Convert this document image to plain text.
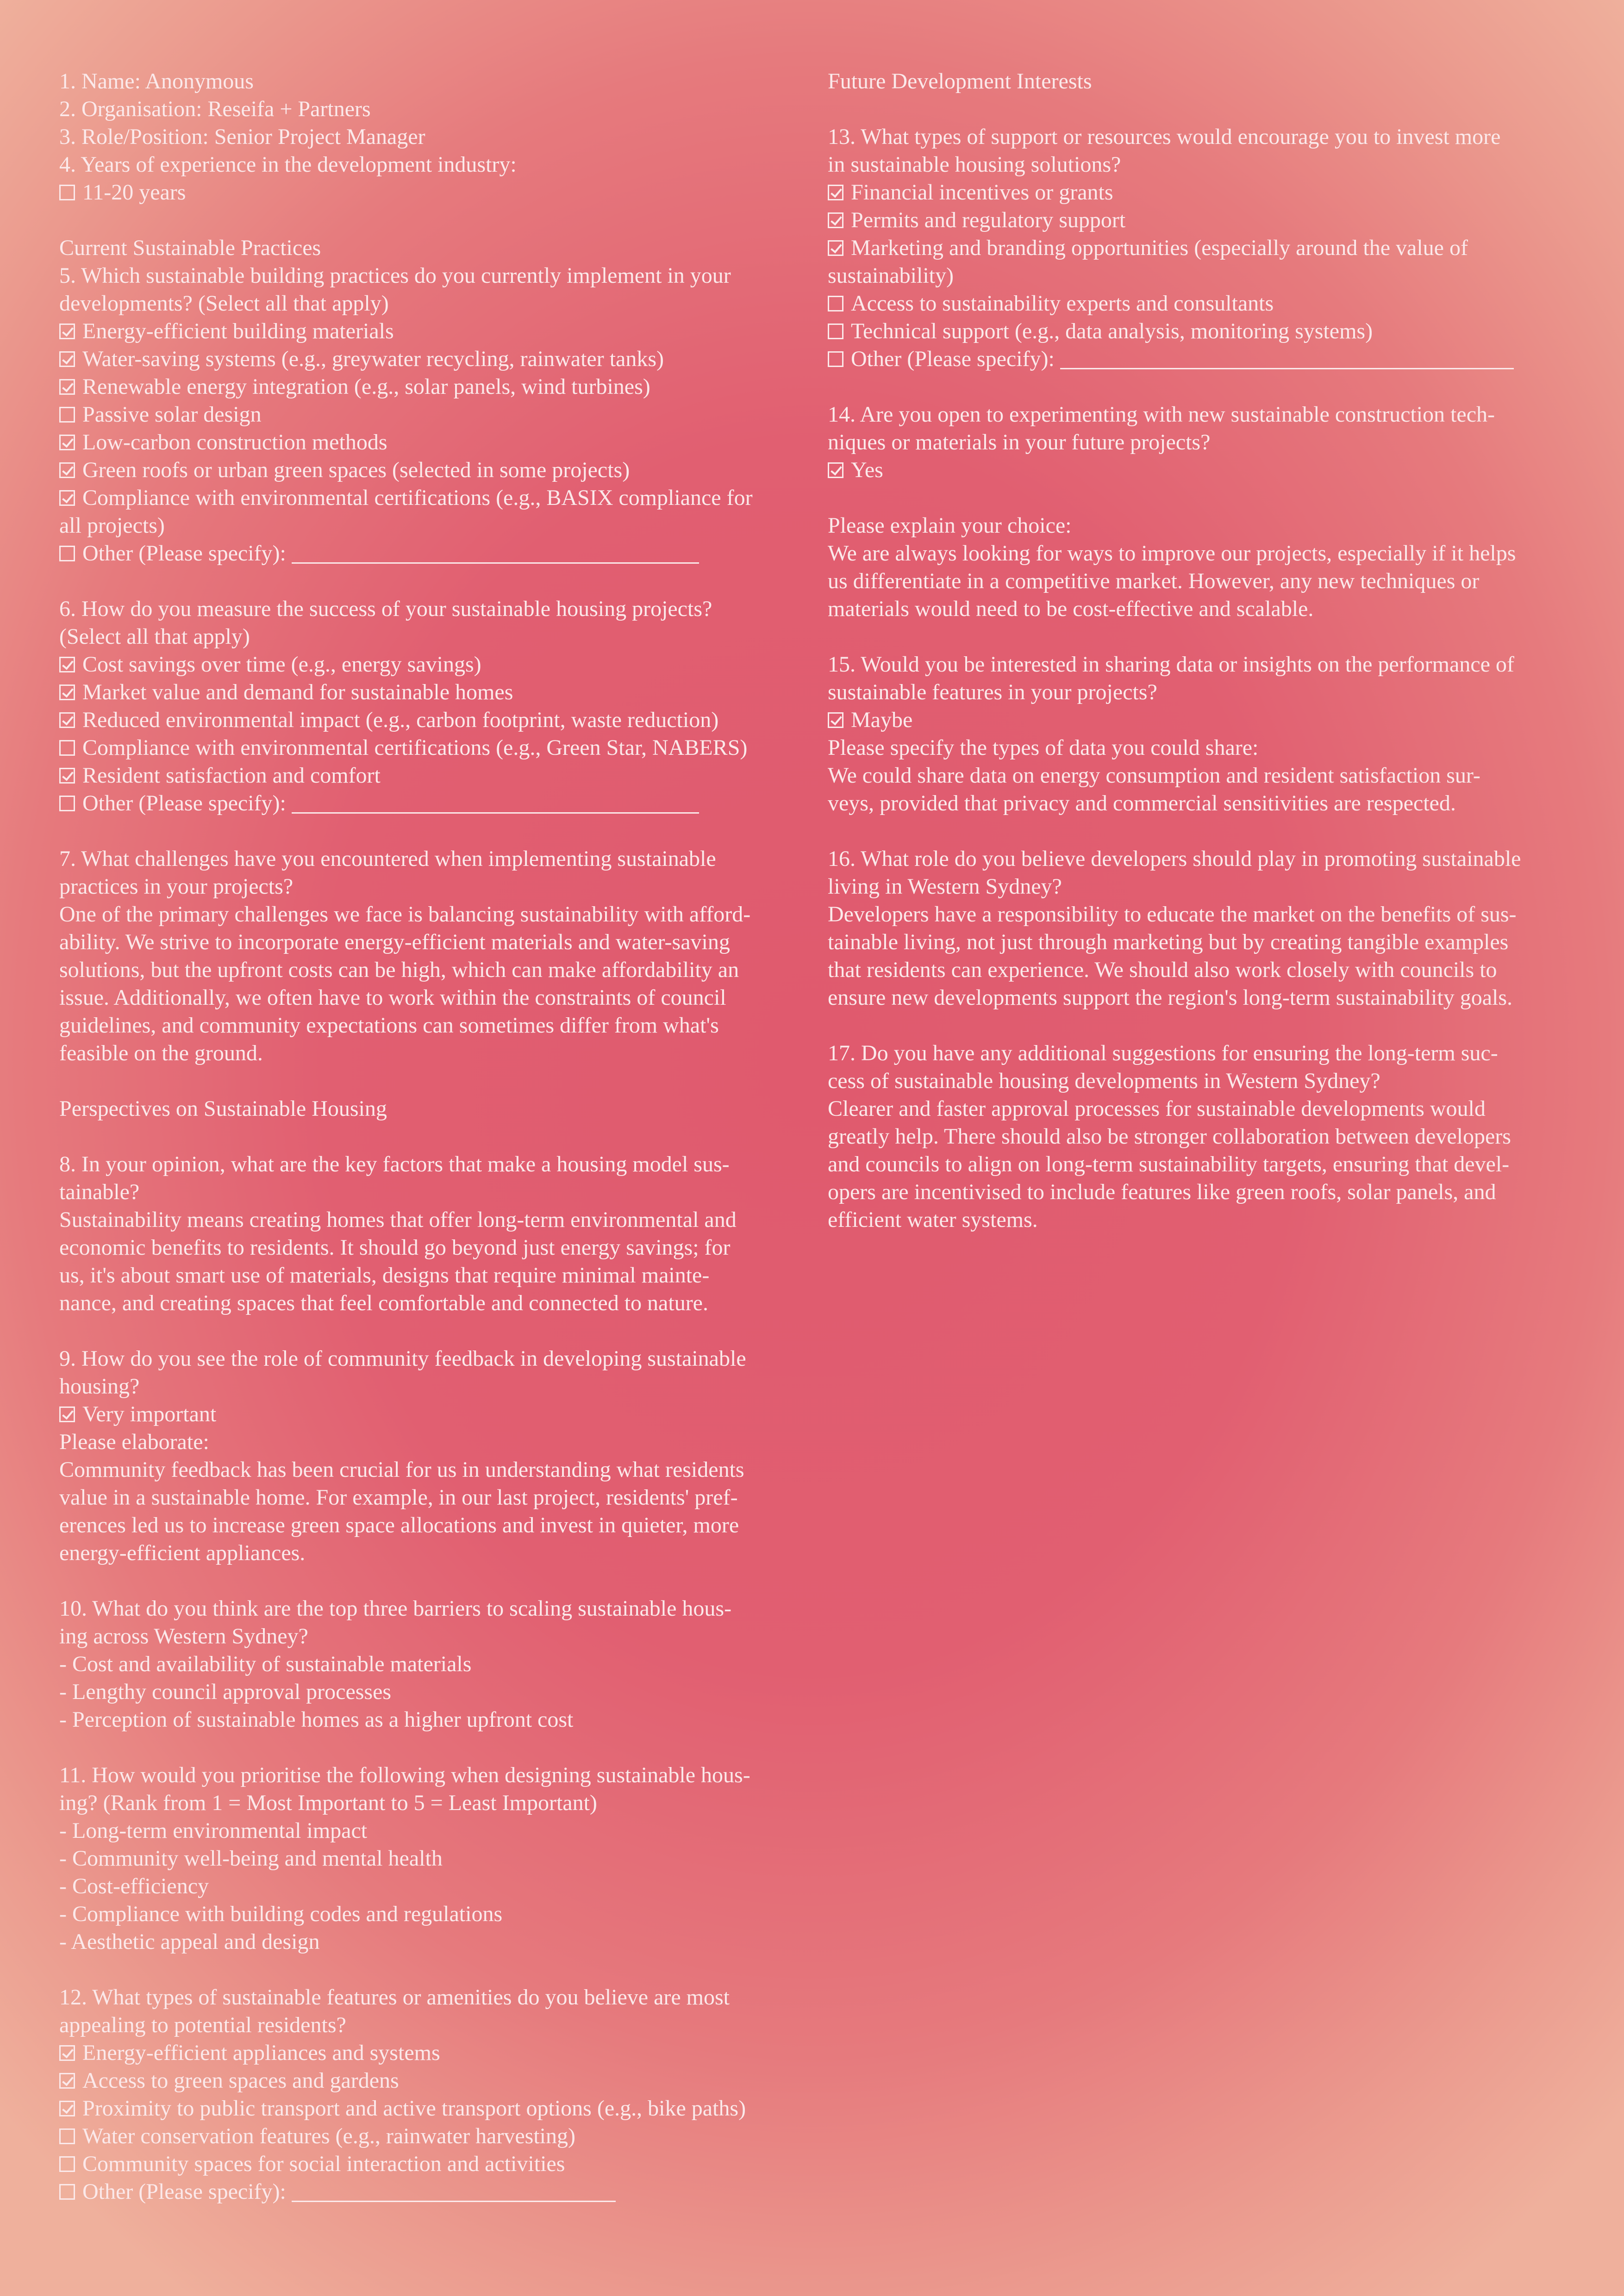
1. Name: Anonymous
2. Organisation: Reseifa + Partners
3. Role/Position: Senior Project Manager
4. Years of experience in the development industry:
11-20 years
Current Sustainable Practices
5. Which sustainable building practices do you currently implement in your
developments? (Select all that apply)
Energy-efficient building materials
Water-saving systems (e.g., greywater recycling, rainwater tanks)
Renewable energy integration (e.g., solar panels, wind turbines)
Passive solar design
Low-carbon construction methods
Green roofs or urban green spaces (selected in some projects)
Compliance with environmental certifications (e.g., BASIX compliance for
all projects)
Other (Please specify):
6. How do you measure the success of your sustainable housing projects?
(Select all that apply)
Cost savings over time (e.g., energy savings)
Market value and demand for sustainable homes
Reduced environmental impact (e.g., carbon footprint, waste reduction)
Compliance with environmental certifications (e.g., Green Star, NABERS)
Resident satisfaction and comfort
Other (Please specify):
7. What challenges have you encountered when implementing sustainable
practices in your projects?
One of the primary challenges we face is balancing sustainability with afford-
ability. We strive to incorporate energy-efficient materials and water-saving
solutions, but the upfront costs can be high, which can make affordability an
issue. Additionally, we often have to work within the constraints of council
guidelines, and community expectations can sometimes differ from what's
feasible on the ground.
Perspectives on Sustainable Housing
8. In your opinion, what are the key factors that make a housing model sus-
tainable?
Sustainability means creating homes that offer long-term environmental and
economic benefits to residents. It should go beyond just energy savings; for
us, it's about smart use of materials, designs that require minimal mainte-
nance, and creating spaces that feel comfortable and connected to nature.
9. How do you see the role of community feedback in developing sustainable
housing?
Very important
Please elaborate:
Community feedback has been crucial for us in understanding what residents
value in a sustainable home. For example, in our last project, residents' pref-
erences led us to increase green space allocations and invest in quieter, more
energy-efficient appliances.
10. What do you think are the top three barriers to scaling sustainable hous-
ing across Western Sydney?
- Cost and availability of sustainable materials
- Lengthy council approval processes
- Perception of sustainable homes as a higher upfront cost
11. How would you prioritise the following when designing sustainable hous-
ing? (Rank from 1 = Most Important to 5 = Least Important)
- Long-term environmental impact
- Community well-being and mental health
- Cost-efficiency
- Compliance with building codes and regulations
- Aesthetic appeal and design
12. What types of sustainable features or amenities do you believe are most
appealing to potential residents?
Energy-efficient appliances and systems
Access to green spaces and gardens
Proximity to public transport and active transport options (e.g., bike paths)
Water conservation features (e.g., rainwater harvesting)
Community spaces for social interaction and activities
Other (Please specify):
Future Development Interests
13. What types of support or resources would encourage you to invest more
in sustainable housing solutions?
Financial incentives or grants
Permits and regulatory support
Marketing and branding opportunities (especially around the value of
sustainability)
Access to sustainability experts and consultants
Technical support (e.g., data analysis, monitoring systems)
Other (Please specify):
14. Are you open to experimenting with new sustainable construction tech-
niques or materials in your future projects?
Yes
Please explain your choice:
We are always looking for ways to improve our projects, especially if it helps
us differentiate in a competitive market. However, any new techniques or
materials would need to be cost-effective and scalable.
15. Would you be interested in sharing data or insights on the performance of
sustainable features in your projects?
Maybe
Please specify the types of data you could share:
We could share data on energy consumption and resident satisfaction sur-
veys, provided that privacy and commercial sensitivities are respected.
16. What role do you believe developers should play in promoting sustainable
living in Western Sydney?
Developers have a responsibility to educate the market on the benefits of sus-
tainable living, not just through marketing but by creating tangible examples
that residents can experience. We should also work closely with councils to
ensure new developments support the region's long-term sustainability goals.
17. Do you have any additional suggestions for ensuring the long-term suc-
cess of sustainable housing developments in Western Sydney?
Clearer and faster approval processes for sustainable developments would
greatly help. There should also be stronger collaboration between developers
and councils to align on long-term sustainability targets, ensuring that devel-
opers are incentivised to include features like green roofs, solar panels, and
efficient water systems.
